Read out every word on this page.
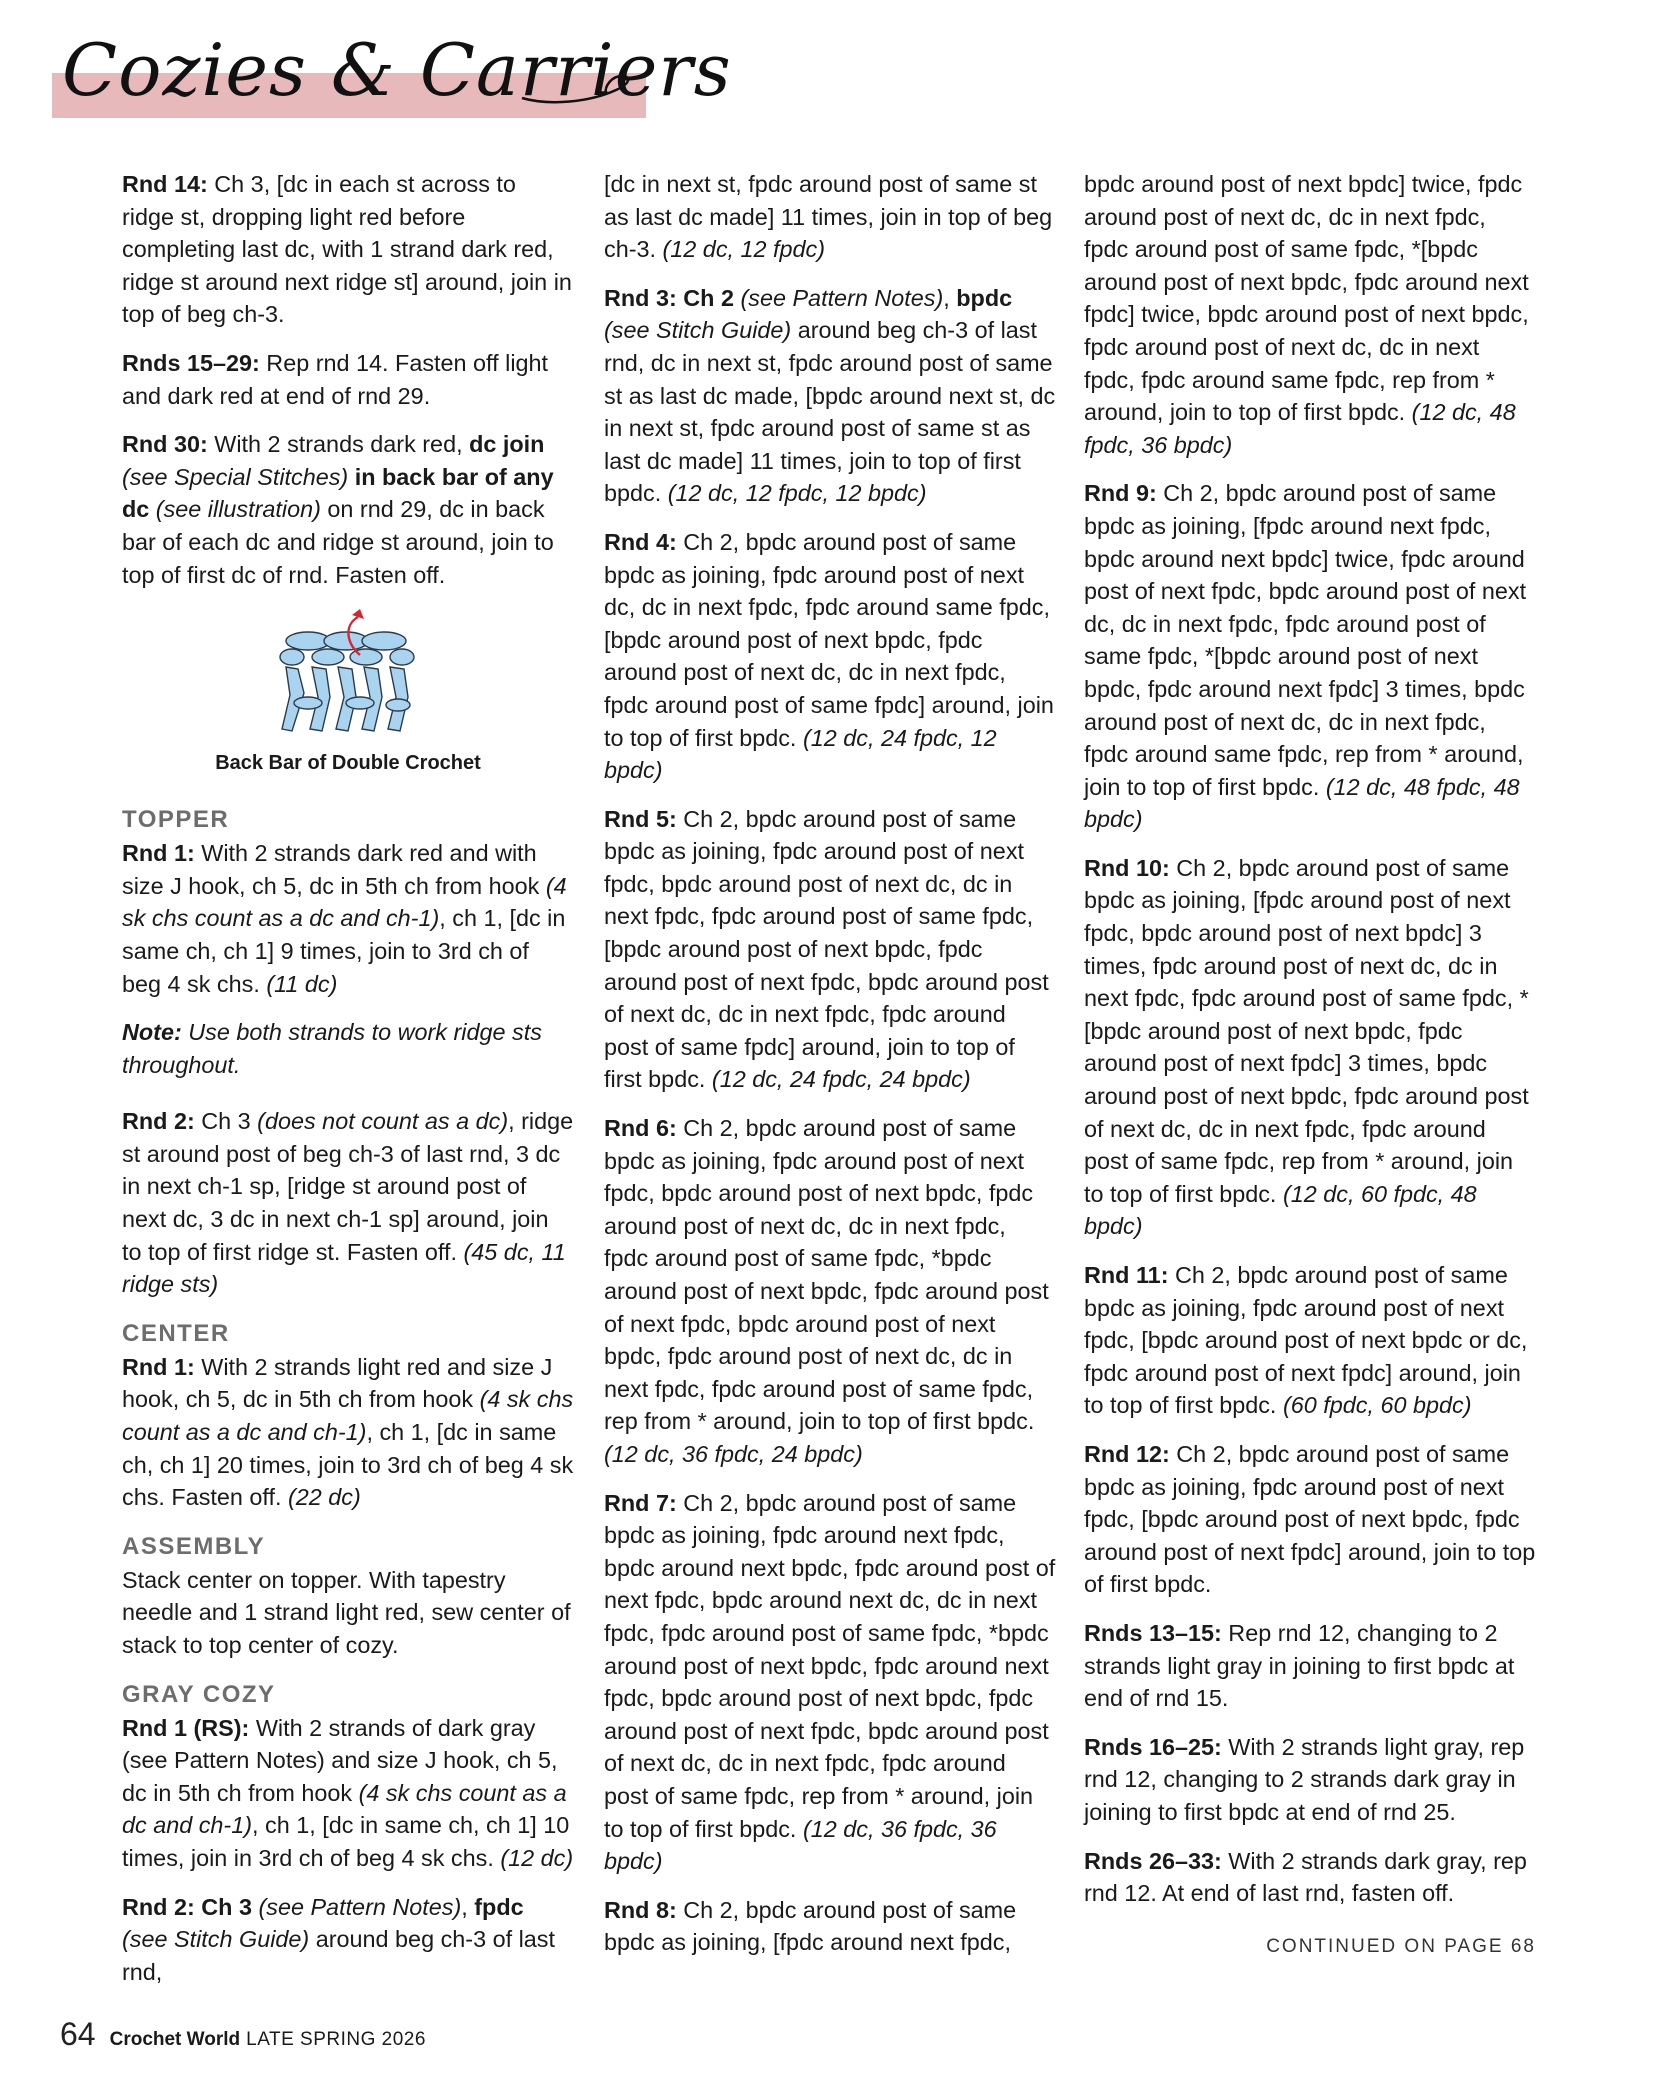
Cozies & Carriers

Rnd 14: Ch 3, [dc in each st across to ridge st, dropping light red before completing last dc, with 1 strand dark red, ridge st around next ridge st] around, join in top of beg ch-3.

Rnds 15–29: Rep rnd 14. Fasten off light and dark red at end of rnd 29.

Rnd 30: With 2 strands dark red, dc join (see Special Stitches) in back bar of any dc (see illustration) on rnd 29, dc in back bar of each dc and ridge st around, join to top of first dc of rnd. Fasten off.

Back Bar of Double Crochet
TOPPER

Rnd 1: With 2 strands dark red and with size J hook, ch 5, dc in 5th ch from hook (4 sk chs count as a dc and ch-1), ch 1, [dc in same ch, ch 1] 9 times, join to 3rd ch of beg 4 sk chs. (11 dc)

Note: Use both strands to work ridge sts throughout.

Rnd 2: Ch 3 (does not count as a dc), ridge st around post of beg ch-3 of last rnd, 3 dc in next ch-1 sp, [ridge st around post of next dc, 3 dc in next ch-1 sp] around, join to top of first ridge st. Fasten off. (45 dc, 11 ridge sts)

CENTER

Rnd 1: With 2 strands light red and size J hook, ch 5, dc in 5th ch from hook (4 sk chs count as a dc and ch-1), ch 1, [dc in same ch, ch 1] 20 times, join to 3rd ch of beg 4 sk chs. Fasten off. (22 dc)

ASSEMBLY

Stack center on topper. With tapestry needle and 1 strand light red, sew center of stack to top center of cozy.

GRAY COZY

Rnd 1 (RS): With 2 strands of dark gray (see Pattern Notes) and size J hook, ch 5, dc in 5th ch from hook (4 sk chs count as a dc and ch-1), ch 1, [dc in same ch, ch 1] 10 times, join in 3rd ch of beg 4 sk chs. (12 dc)

Rnd 2: Ch 3 (see Pattern Notes), fpdc (see Stitch Guide) around beg ch-3 of last rnd,

[dc in next st, fpdc around post of same st as last dc made] 11 times, join in top of beg ch-3. (12 dc, 12 fpdc)

Rnd 3: Ch 2 (see Pattern Notes), bpdc (see Stitch Guide) around beg ch-3 of last rnd, dc in next st, fpdc around post of same st as last dc made, [bpdc around next st, dc in next st, fpdc around post of same st as last dc made] 11 times, join to top of first bpdc. (12 dc, 12 fpdc, 12 bpdc)

Rnd 4: Ch 2, bpdc around post of same bpdc as joining, fpdc around post of next dc, dc in next fpdc, fpdc around same fpdc, [bpdc around post of next bpdc, fpdc around post of next dc, dc in next fpdc, fpdc around post of same fpdc] around, join to top of first bpdc. (12 dc, 24 fpdc, 12 bpdc)

Rnd 5: Ch 2, bpdc around post of same bpdc as joining, fpdc around post of next fpdc, bpdc around post of next dc, dc in next fpdc, fpdc around post of same fpdc, [bpdc around post of next bpdc, fpdc around post of next fpdc, bpdc around post of next dc, dc in next fpdc, fpdc around post of same fpdc] around, join to top of first bpdc. (12 dc, 24 fpdc, 24 bpdc)

Rnd 6: Ch 2, bpdc around post of same bpdc as joining, fpdc around post of next fpdc, bpdc around post of next bpdc, fpdc around post of next dc, dc in next fpdc, fpdc around post of same fpdc, *bpdc around post of next bpdc, fpdc around post of next fpdc, bpdc around post of next bpdc, fpdc around post of next dc, dc in next fpdc, fpdc around post of same fpdc, rep from * around, join to top of first bpdc. (12 dc, 36 fpdc, 24 bpdc)

Rnd 7: Ch 2, bpdc around post of same bpdc as joining, fpdc around next fpdc, bpdc around next bpdc, fpdc around post of next fpdc, bpdc around next dc, dc in next fpdc, fpdc around post of same fpdc, *bpdc around post of next bpdc, fpdc around next fpdc, bpdc around post of next bpdc, fpdc around post of next fpdc, bpdc around post of next dc, dc in next fpdc, fpdc around post of same fpdc, rep from * around, join to top of first bpdc. (12 dc, 36 fpdc, 36 bpdc)

Rnd 8: Ch 2, bpdc around post of same bpdc as joining, [fpdc around next fpdc,

bpdc around post of next bpdc] twice, fpdc around post of next dc, dc in next fpdc, fpdc around post of same fpdc, *[bpdc around post of next bpdc, fpdc around next fpdc] twice, bpdc around post of next bpdc, fpdc around post of next dc, dc in next fpdc, fpdc around same fpdc, rep from * around, join to top of first bpdc. (12 dc, 48 fpdc, 36 bpdc)

Rnd 9: Ch 2, bpdc around post of same bpdc as joining, [fpdc around next fpdc, bpdc around next bpdc] twice, fpdc around post of next fpdc, bpdc around post of next dc, dc in next fpdc, fpdc around post of same fpdc, *[bpdc around post of next bpdc, fpdc around next fpdc] 3 times, bpdc around post of next dc, dc in next fpdc, fpdc around same fpdc, rep from * around, join to top of first bpdc. (12 dc, 48 fpdc, 48 bpdc)

Rnd 10: Ch 2, bpdc around post of same bpdc as joining, [fpdc around post of next fpdc, bpdc around post of next bpdc] 3 times, fpdc around post of next dc, dc in next fpdc, fpdc around post of same fpdc, *[bpdc around post of next bpdc, fpdc around post of next fpdc] 3 times, bpdc around post of next bpdc, fpdc around post of next dc, dc in next fpdc, fpdc around post of same fpdc, rep from * around, join to top of first bpdc. (12 dc, 60 fpdc, 48 bpdc)

Rnd 11: Ch 2, bpdc around post of same bpdc as joining, fpdc around post of next fpdc, [bpdc around post of next bpdc or dc, fpdc around post of next fpdc] around, join to top of first bpdc. (60 fpdc, 60 bpdc)

Rnd 12: Ch 2, bpdc around post of same bpdc as joining, fpdc around post of next fpdc, [bpdc around post of next bpdc, fpdc around post of next fpdc] around, join to top of first bpdc.

Rnds 13–15: Rep rnd 12, changing to 2 strands light gray in joining to first bpdc at end of rnd 15.

Rnds 16–25: With 2 strands light gray, rep rnd 12, changing to 2 strands dark gray in joining to first bpdc at end of rnd 25.

Rnds 26–33: With 2 strands dark gray, rep rnd 12. At end of last rnd, fasten off.

CONTINUED ON PAGE 68
64 Crochet World LATE SPRING 2026
